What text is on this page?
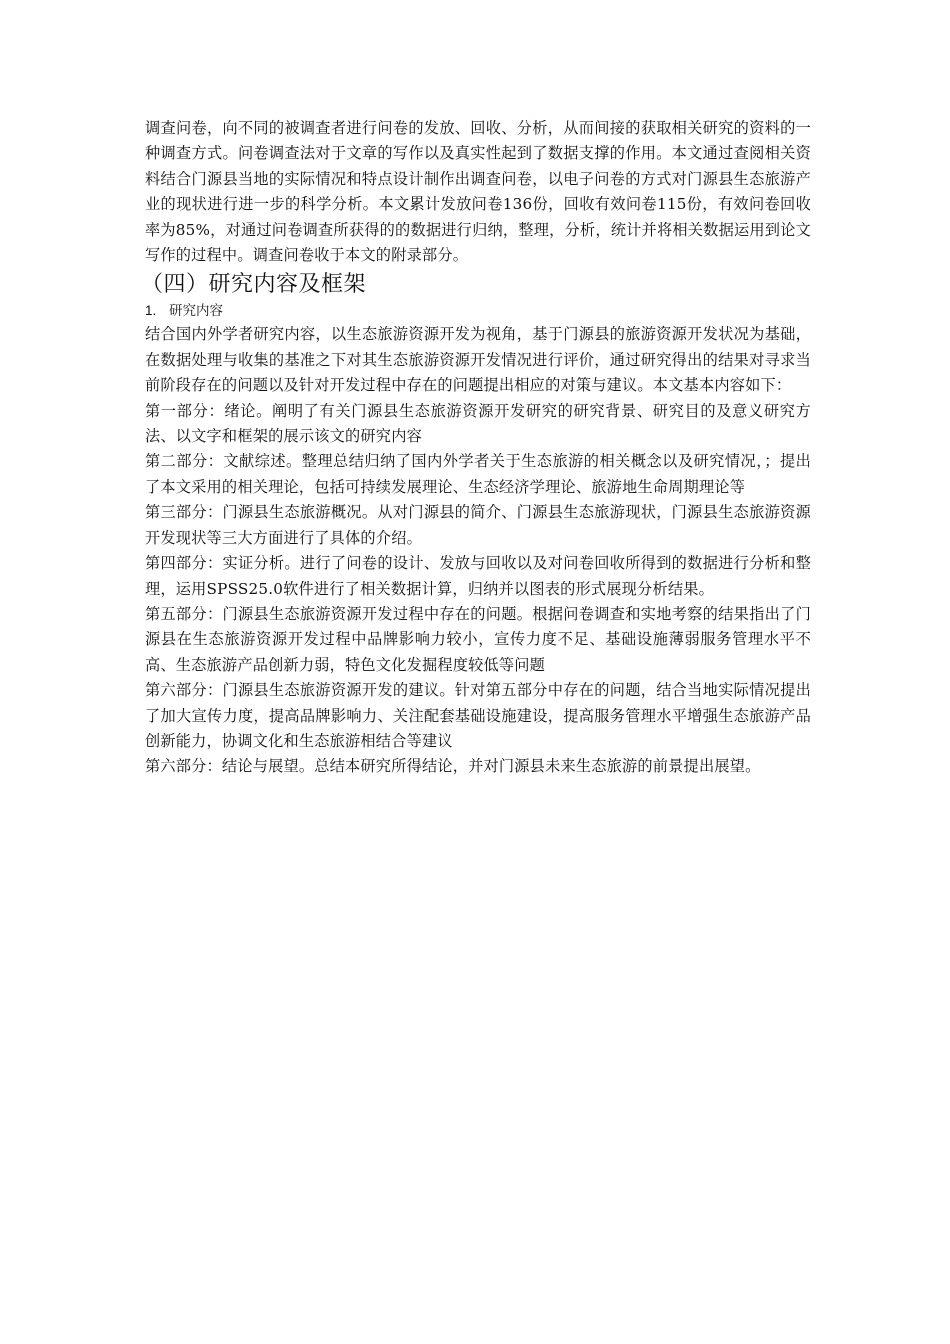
调查问卷，向不同的被调查者进行问卷的发放、回收、分析，从而间接的获取相关研究的资料的一种调查方式。问卷调查法对于文章的写作以及真实性起到了数据支撑的作用。本文通过查阅相关资料结合门源县当地的实际情况和特点设计制作出调查问卷，以电子问卷的方式对门源县生态旅游产业的现状进行进一步的科学分析。本文累计发放问卷136份，回收有效问卷115份，有效问卷回收率为85%，对通过问卷调查所获得的的数据进行归纳，整理，分析，统计并将相关数据运用到论文写作的过程中。调查问卷收于本文的附录部分。

（四）研究内容及框架
1. 研究内容

结合国内外学者研究内容，以生态旅游资源开发为视角，基于门源县的旅游资源开发状况为基础，在数据处理与收集的基准之下对其生态旅游资源开发情况进行评价，通过研究得出的结果对寻求当前阶段存在的问题以及针对开发过程中存在的问题提出相应的对策与建议。本文基本内容如下：

第一部分：绪论。阐明了有关门源县生态旅游资源开发研究的研究背景、研究目的及意义研究方法、以文字和框架的展示该文的研究内容

第二部分：文献综述。整理总结归纳了国内外学者关于生态旅游的相关概念以及研究情况，；提出了本文采用的相关理论，包括可持续发展理论、生态经济学理论、旅游地生命周期理论等

第三部分：门源县生态旅游概况。从对门源县的简介、门源县生态旅游现状，门源县生态旅游资源开发现状等三大方面进行了具体的介绍。

第四部分：实证分析。进行了问卷的设计、发放与回收以及对问卷回收所得到的数据进行分析和整理，运用SPSS25.0软件进行了相关数据计算，归纳并以图表的形式展现分析结果。

第五部分：门源县生态旅游资源开发过程中存在的问题。根据问卷调查和实地考察的结果指出了门源县在生态旅游资源开发过程中品牌影响力较小，宣传力度不足、基础设施薄弱服务管理水平不高、生态旅游产品创新力弱，特色文化发掘程度较低等问题

第六部分：门源县生态旅游资源开发的建议。针对第五部分中存在的问题，结合当地实际情况提出了加大宣传力度，提高品牌影响力、关注配套基础设施建设，提高服务管理水平增强生态旅游产品创新能力，协调文化和生态旅游相结合等建议

第六部分：结论与展望。总结本研究所得结论，并对门源县未来生态旅游的前景提出展望。
